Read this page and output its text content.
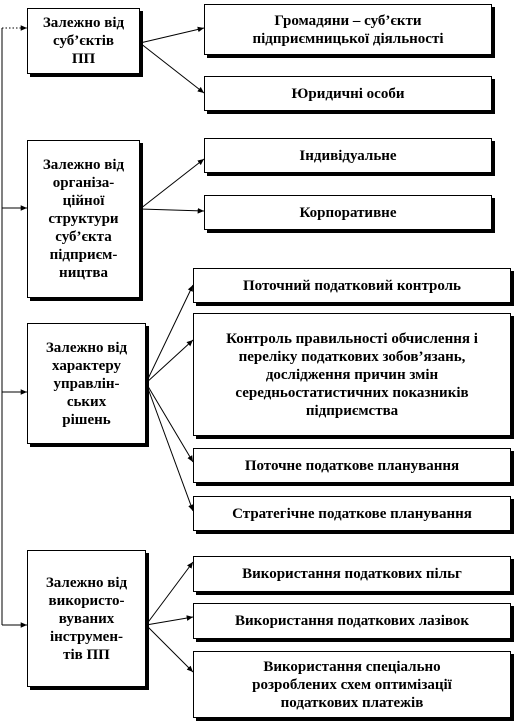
Залежно від
суб’єктів
ПП
Залежно від
організа-
ційної
структури
суб’єкта
підприєм-
ництва
Залежно від
характеру
управлін-
ських
рішень
Залежно від
використо-
вуваних
інструмен-
тів ПП
Громадяни – суб’єкти
підприємницької діяльності
Юридичні особи
Індивідуальне
Корпоративне
Поточний податковий контроль
Контроль правильності обчислення і
переліку податкових зобов’язань,
дослідження причин змін
середньостатистичних показників
підприємства
Поточне податкове планування
Стратегічне податкове планування
Використання податкових пільг
Використання податкових лазівок
Використання спеціально
розроблених схем оптимізації
податкових платежів
